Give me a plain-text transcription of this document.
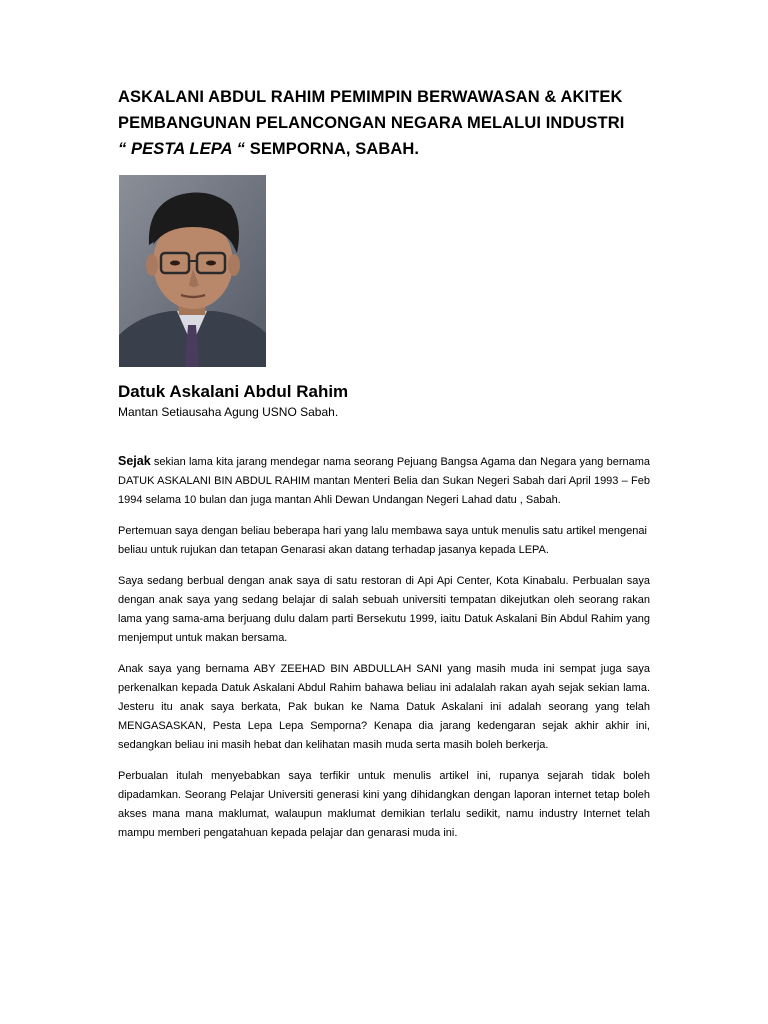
ASKALANI ABDUL RAHIM PEMIMPIN BERWAWASAN & AKITEK
PEMBANGUNAN PELANCONGAN NEGARA MELALUI INDUSTRI
“ PESTA LEPA “ SEMPORNA, SABAH.
Datuk Askalani Abdul Rahim
Mantan Setiausaha Agung USNO Sabah.

Sejak sekian lama kita jarang mendegar nama seorang Pejuang Bangsa Agama dan Negara yang bernama DATUK ASKALANI BIN ABDUL RAHIM mantan Menteri Belia dan Sukan Negeri Sabah dari April 1993 – Feb 1994 selama 10 bulan dan juga mantan Ahli Dewan Undangan Negeri Lahad datu , Sabah.

Pertemuan saya dengan beliau beberapa hari yang lalu membawa saya untuk menulis satu artikel mengenai beliau untuk rujukan dan tetapan Genarasi akan datang terhadap jasanya kepada LEPA.

Saya sedang berbual dengan anak saya di satu restoran di Api Api Center, Kota Kinabalu. Perbualan saya dengan anak saya yang sedang belajar di salah sebuah universiti tempatan dikejutkan oleh seorang rakan lama yang sama-ama berjuang dulu dalam parti Bersekutu 1999, iaitu Datuk Askalani Bin Abdul Rahim yang menjemput untuk makan bersama.

Anak saya yang bernama ABY ZEEHAD BIN ABDULLAH SANI yang masih muda ini sempat juga saya perkenalkan kepada Datuk Askalani Abdul Rahim bahawa beliau ini adalalah rakan ayah sejak sekian lama. Jesteru itu anak saya berkata, Pak bukan ke Nama Datuk Askalani ini adalah seorang yang telah MENGASASKAN, Pesta Lepa Lepa Semporna? Kenapa dia jarang kedengaran sejak akhir akhir ini, sedangkan beliau ini masih hebat dan kelihatan masih muda serta masih boleh berkerja.

Perbualan itulah menyebabkan saya terfikir untuk menulis artikel ini, rupanya sejarah tidak boleh dipadamkan. Seorang Pelajar Universiti generasi kini yang dihidangkan dengan laporan internet tetap boleh akses mana mana maklumat, walaupun maklumat demikian terlalu sedikit, namu industry Internet telah mampu memberi pengatahuan kepada pelajar dan genarasi muda ini.
